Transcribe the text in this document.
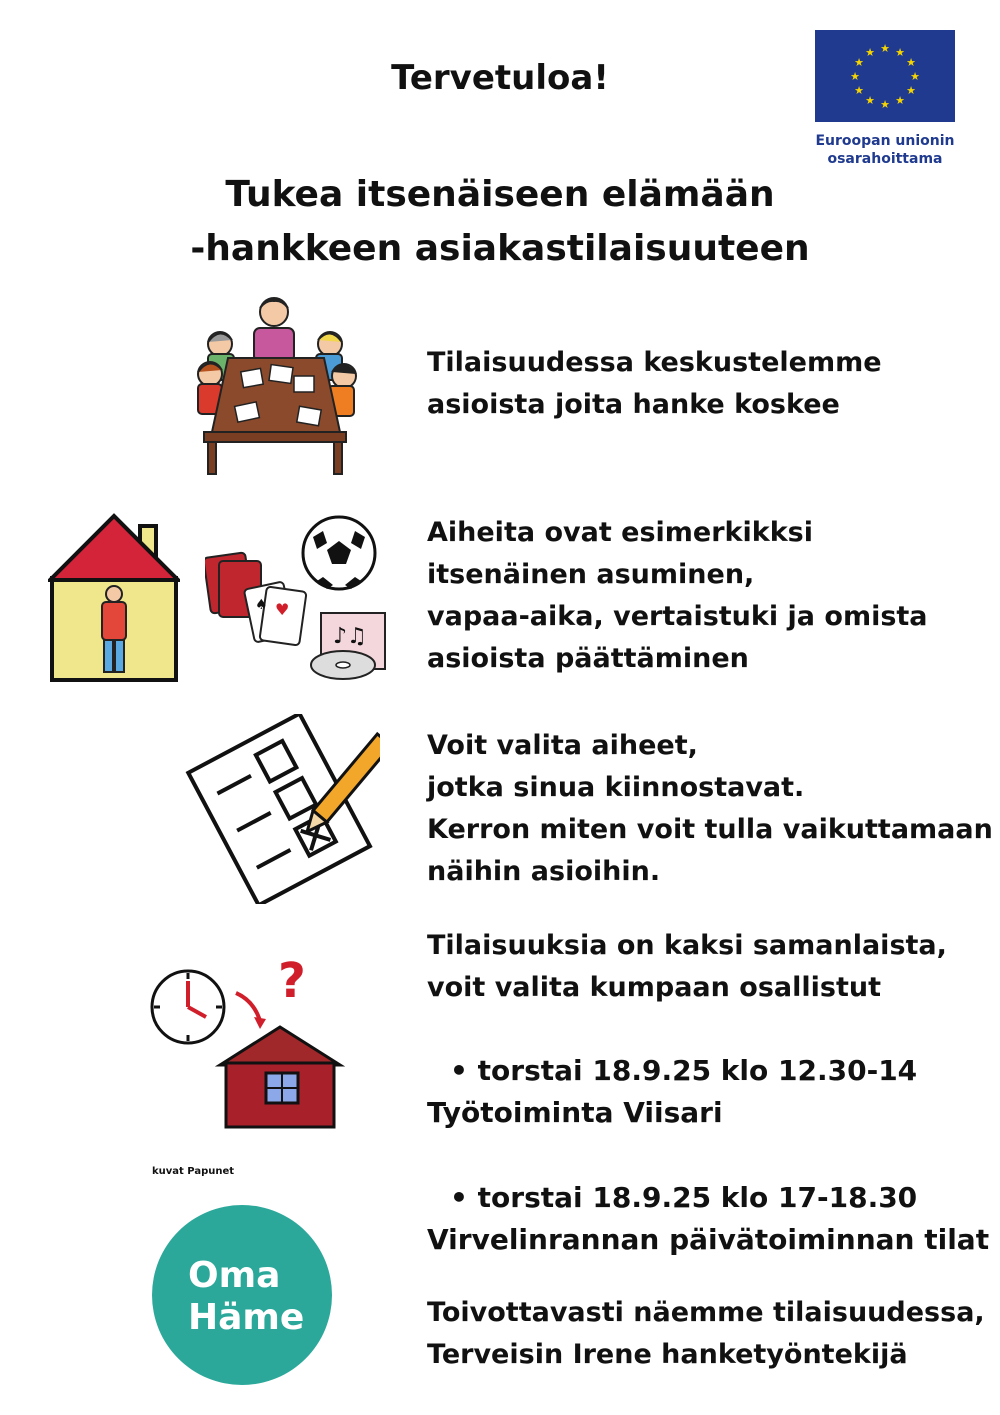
Tervetuloa!
Tukea itsenäiseen elämään
-hankkeen asiakastilaisuuteen
★ ★
★
★
★
★
★
★
★
★
★
★
Euroopan unionin
osarahoittama
♥
♠
♪♫
?
kuvat Papunet
Oma
Häme
Tilaisuudessa keskustelemme
asioista joita hanke koskee
Aiheita ovat esimerkikksi
itsenäinen asuminen,
vapaa-aika, vertaistuki ja omista
asioista päättäminen
Voit valita aiheet,
jotka sinua kiinnostavat.
Kerron miten voit tulla vaikuttamaan
näihin asioihin.
Tilaisuuksia on kaksi samanlaista,
voit valita kumpaan osallistut
• torstai 18.9.25 klo 12.30-14
Työtoiminta Viisari
• torstai 18.9.25 klo 17-18.30
Virvelinrannan päivätoiminnan tilat
Toivottavasti näemme tilaisuudessa,
Terveisin Irene hanketyöntekijä
